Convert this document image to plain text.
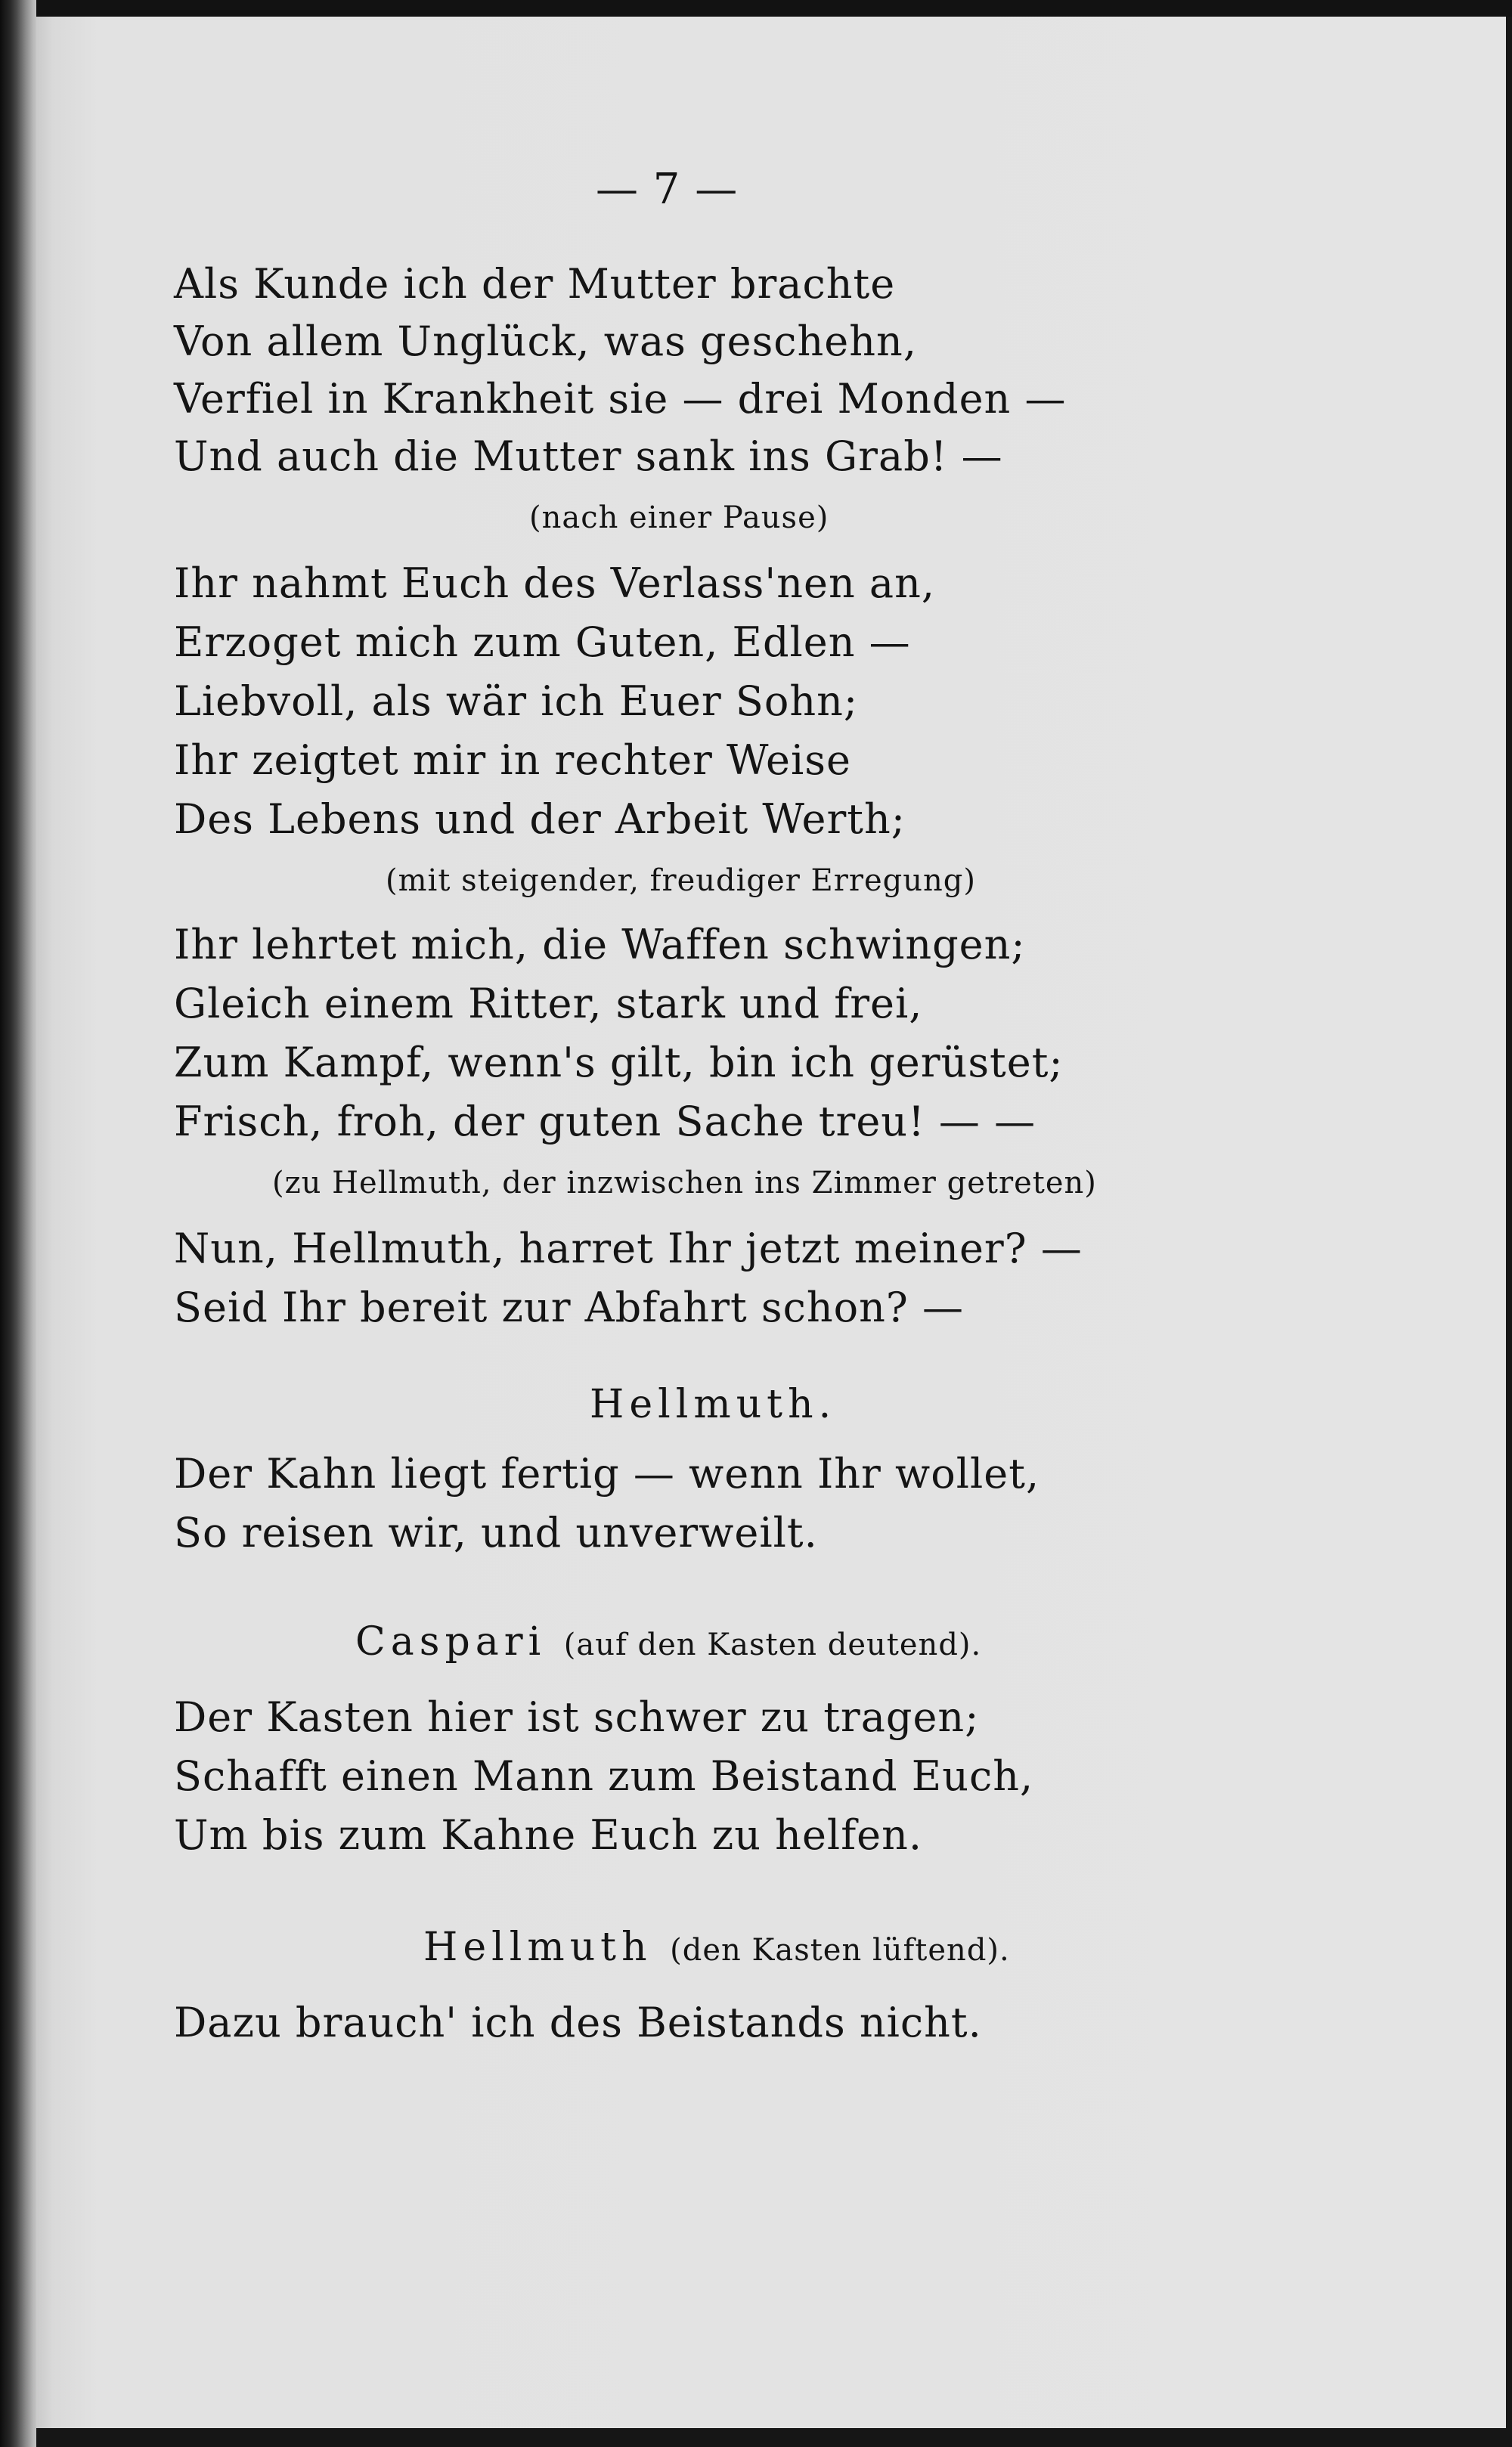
— 7 —
Als Kunde ich der Mutter brachte
Von allem Unglück, was geschehn,
Verfiel in Krankheit sie — drei Monden —
Und auch die Mutter sank ins Grab! —
(nach einer Pause)
Ihr nahmt Euch des Verlass'nen an,
Erzoget mich zum Guten, Edlen —
Liebvoll, als wär ich Euer Sohn;
Ihr zeigtet mir in rechter Weise
Des Lebens und der Arbeit Werth;
(mit steigender, freudiger Erregung)
Ihr lehrtet mich, die Waffen schwingen;
Gleich einem Ritter, stark und frei,
Zum Kampf, wenn's gilt, bin ich gerüstet;
Frisch, froh, der guten Sache treu! — —
(zu Hellmuth, der inzwischen ins Zimmer getreten)
Nun, Hellmuth, harret Ihr jetzt meiner? —
Seid Ihr bereit zur Abfahrt schon? —
Hellmuth.
Der Kahn liegt fertig — wenn Ihr wollet,
So reisen wir, und unverweilt.
Caspari (auf den Kasten deutend).
Der Kasten hier ist schwer zu tragen;
Schafft einen Mann zum Beistand Euch,
Um bis zum Kahne Euch zu helfen.
Hellmuth (den Kasten lüftend).
Dazu brauch' ich des Beistands nicht.
